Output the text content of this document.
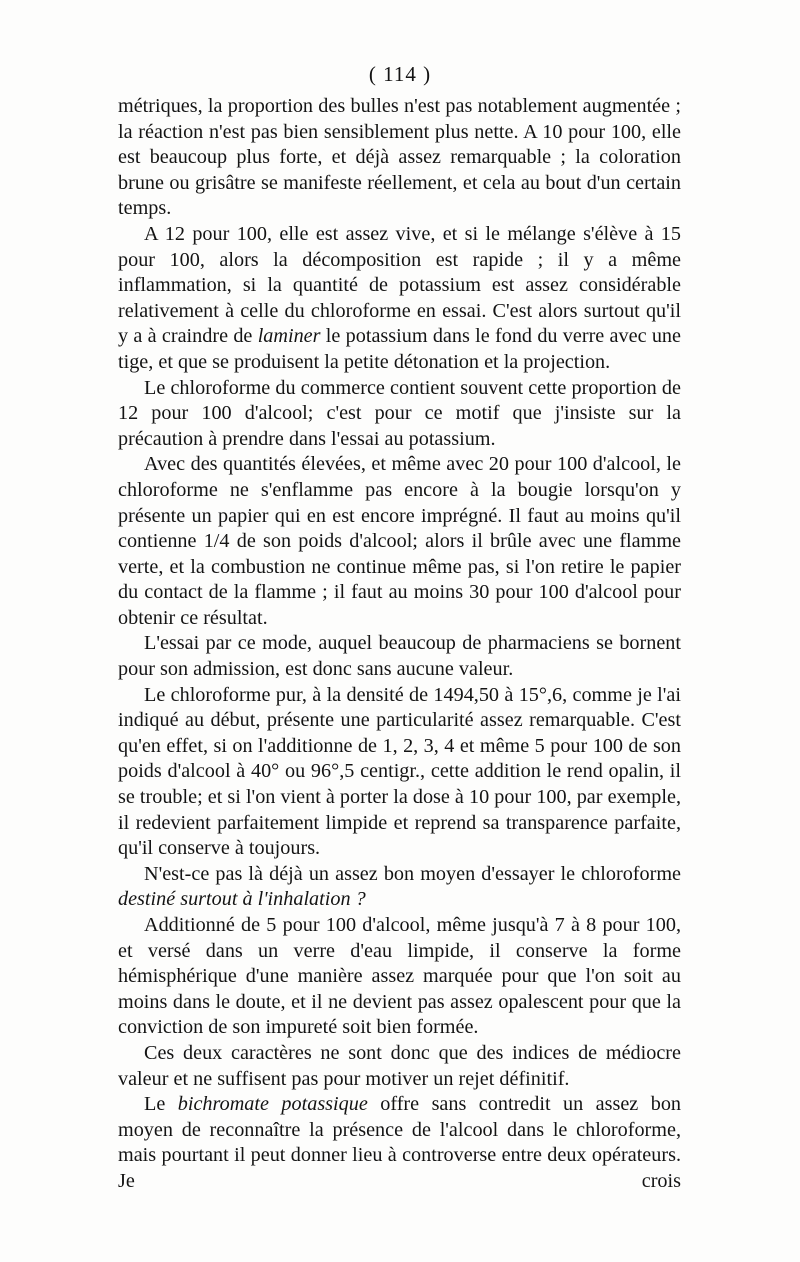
( 114 )

métriques, la proportion des bulles n'est pas notablement augmentée ; la réaction n'est pas bien sensiblement plus nette. A 10 pour 100, elle est beaucoup plus forte, et déjà assez remarquable ; la coloration brune ou grisâtre se manifeste réellement, et cela au bout d'un certain temps.

A 12 pour 100, elle est assez vive, et si le mélange s'élève à 15 pour 100, alors la décomposition est rapide ; il y a même inflammation, si la quantité de potassium est assez considérable relativement à celle du chloroforme en essai. C'est alors surtout qu'il y a à craindre de laminer le potassium dans le fond du verre avec une tige, et que se produisent la petite détonation et la projection.

Le chloroforme du commerce contient souvent cette proportion de 12 pour 100 d'alcool; c'est pour ce motif que j'insiste sur la précaution à prendre dans l'essai au potassium.

Avec des quantités élevées, et même avec 20 pour 100 d'alcool, le chloroforme ne s'enflamme pas encore à la bougie lorsqu'on y présente un papier qui en est encore imprégné. Il faut au moins qu'il contienne 1/4 de son poids d'alcool; alors il brûle avec une flamme verte, et la combustion ne continue même pas, si l'on retire le papier du contact de la flamme ; il faut au moins 30 pour 100 d'alcool pour obtenir ce résultat.

L'essai par ce mode, auquel beaucoup de pharmaciens se bornent pour son admission, est donc sans aucune valeur.

Le chloroforme pur, à la densité de 1494,50 à 15°,6, comme je l'ai indiqué au début, présente une particularité assez remarquable. C'est qu'en effet, si on l'additionne de 1, 2, 3, 4 et même 5 pour 100 de son poids d'alcool à 40° ou 96°,5 centigr., cette addition le rend opalin, il se trouble; et si l'on vient à porter la dose à 10 pour 100, par exemple, il redevient parfaitement limpide et reprend sa transparence parfaite, qu'il conserve à toujours.

N'est-ce pas là déjà un assez bon moyen d'essayer le chloroforme destiné surtout à l'inhalation ?

Additionné de 5 pour 100 d'alcool, même jusqu'à 7 à 8 pour 100, et versé dans un verre d'eau limpide, il conserve la forme hémisphérique d'une manière assez marquée pour que l'on soit au moins dans le doute, et il ne devient pas assez opalescent pour que la conviction de son impureté soit bien formée.

Ces deux caractères ne sont donc que des indices de médiocre valeur et ne suffisent pas pour motiver un rejet définitif.

Le bichromate potassique offre sans contredit un assez bon moyen de reconnaître la présence de l'alcool dans le chloroforme, mais pourtant il peut donner lieu à controverse entre deux opérateurs. Je crois
